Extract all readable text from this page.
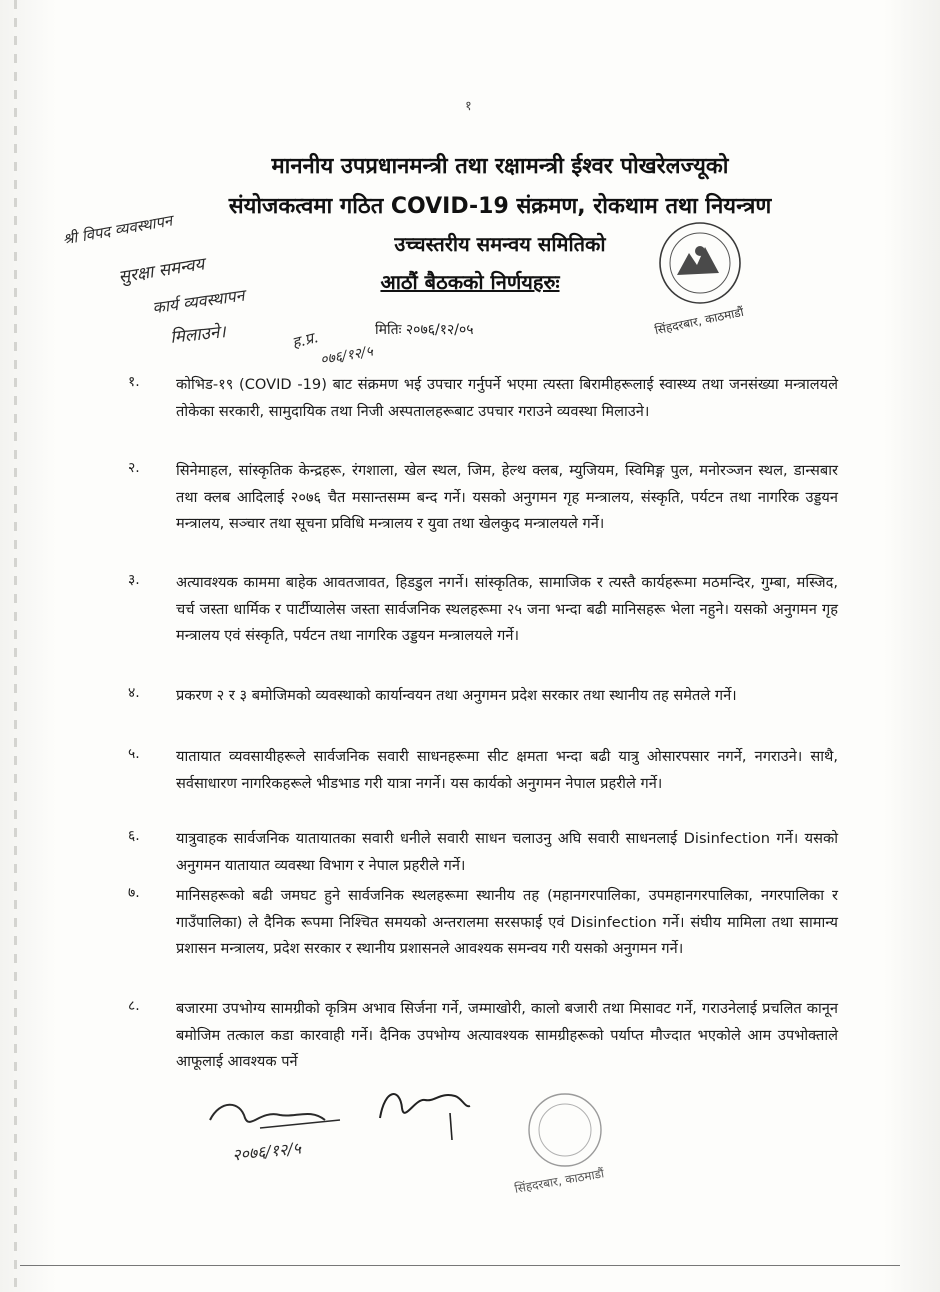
१
माननीय उपप्रधानमन्त्री तथा रक्षामन्त्री ईश्वर पोखरेलज्यूको
संयोजकत्वमा गठित COVID-19 संक्रमण, रोकथाम तथा नियन्त्रण
उच्चस्तरीय समन्वय समितिको
आठौं बैठकको निर्णयहरुः
सिंहदरबार, काठमाडौं
श्री विपद व्यवस्थापन
सुरक्षा समन्वय
कार्य व्यवस्थापन
मिलाउने।	ह.प्र.
०७६/१२/५
मितिः २०७६/१२/०५
१. कोभिड-१९ (COVID -19) बाट संक्रमण भई उपचार गर्नुपर्ने भएमा त्यस्ता बिरामीहरूलाई स्वास्थ्य तथा जनसंख्या मन्त्रालयले तोकेका सरकारी, सामुदायिक तथा निजी अस्पतालहरूबाट उपचार गराउने व्यवस्था मिलाउने।
२. सिनेमाहल, सांस्कृतिक केन्द्रहरू, रंगशाला, खेल स्थल, जिम, हेल्थ क्लब, म्युजियम, स्विमिङ्ग पुल, मनोरञ्जन स्थल, डान्सबार तथा क्लब आदिलाई २०७६ चैत मसान्तसम्म बन्द गर्ने। यसको अनुगमन गृह मन्त्रालय, संस्कृति, पर्यटन तथा नागरिक उड्डयन मन्त्रालय, सञ्चार तथा सूचना प्रविधि मन्त्रालय र युवा तथा खेलकुद मन्त्रालयले गर्ने।
३. अत्यावश्यक काममा बाहेक आवतजावत, हिडडुल नगर्ने। सांस्कृतिक, सामाजिक र त्यस्तै कार्यहरूमा मठमन्दिर, गुम्बा, मस्जिद, चर्च जस्ता धार्मिक र पार्टीप्यालेस जस्ता सार्वजनिक स्थलहरूमा २५ जना भन्दा बढी मानिसहरू भेला नहुने। यसको अनुगमन गृह मन्त्रालय एवं संस्कृति, पर्यटन तथा नागरिक उड्डयन मन्त्रालयले गर्ने।
४. प्रकरण २ र ३ बमोजिमको व्यवस्थाको कार्यान्वयन तथा अनुगमन प्रदेश सरकार तथा स्थानीय तह समेतले गर्ने।
५. यातायात व्यवसायीहरूले सार्वजनिक सवारी साधनहरूमा सीट क्षमता भन्दा बढी यात्रु ओसारपसार नगर्ने, नगराउने। साथै, सर्वसाधारण नागरिकहरूले भीडभाड गरी यात्रा नगर्ने। यस कार्यको अनुगमन नेपाल प्रहरीले गर्ने।
६. यात्रुवाहक सार्वजनिक यातायातका सवारी धनीले सवारी साधन चलाउनु अघि सवारी साधनलाई Disinfection गर्ने। यसको अनुगमन यातायात व्यवस्था विभाग र नेपाल प्रहरीले गर्ने।
७. मानिसहरूको बढी जमघट हुने सार्वजनिक स्थलहरूमा स्थानीय तह (महानगरपालिका, उपमहानगरपालिका, नगरपालिका र गाउँपालिका) ले दैनिक रूपमा निश्चित समयको अन्तरालमा सरसफाई एवं Disinfection गर्ने। संघीय मामिला तथा सामान्य प्रशासन मन्त्रालय, प्रदेश सरकार र स्थानीय प्रशासनले आवश्यक समन्वय गरी यसको अनुगमन गर्ने।
८. बजारमा उपभोग्य सामग्रीको कृत्रिम अभाव सिर्जना गर्ने, जम्माखोरी, कालो बजारी तथा मिसावट गर्ने, गराउनेलाई प्रचलित कानून बमोजिम तत्काल कडा कारवाही गर्ने। दैनिक उपभोग्य अत्यावश्यक सामग्रीहरूको पर्याप्त मौज्दात भएकोले आम उपभोक्ताले आफूलाई आवश्यक पर्ने
२०७६/१२/५
सिंहदरबार, काठमाडौं
